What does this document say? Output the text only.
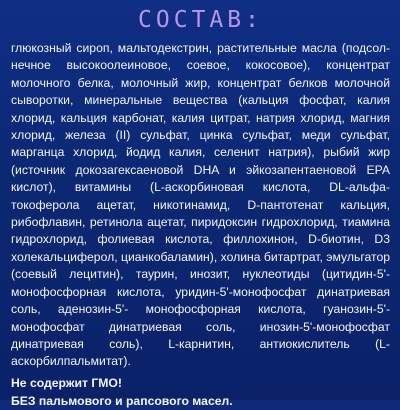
СОСТАВ:

глюкозный сироп, мальтодекстрин, растительные масла (подсолнечное высокоолеиновое, соевое, кокосовое), концентрат молочного белка, молочный жир, концентрат белков молочной сыворотки, минеральные вещества (кальция фосфат, калия хлорид, кальция карбонат, калия цитрат, натрия хлорид, магния хлорид, железа (II) сульфат, цинка сульфат, меди сульфат, марганца хлорид, йодид калия, селенит натрия), рыбий жир (источник докозагексаеновой DHA и эйкозапентаеновой EPA кислот), витамины (L-аскорбиновая кислота, DL-альфа-токоферола ацетат, никотинамид, D-пантотенат кальция, рибофлавин, ретинола ацетат, пиридоксин гидрохлорид, тиамина гидрохлорид, фолиевая кислота, филлохинон, D-биотин, D3 холекальциферол, цианкобаламин), холина битартрат, эмульгатор (соевый лецитин), таурин, инозит, нуклеотиды (цитидин-5'-монофосфорная кислота, уридин-5'-монофосфат динатриевая соль, аденозин-5'- монофосфорная кислота, гуанозин-5'-монофосфат динатриевая соль, инозин-5'-монофосфат динатриевая соль), L-карнитин, антиокислитель (L- аскорбилпальмитат).

Не содержит ГМО!
БЕЗ пальмового и рапсового масел.
